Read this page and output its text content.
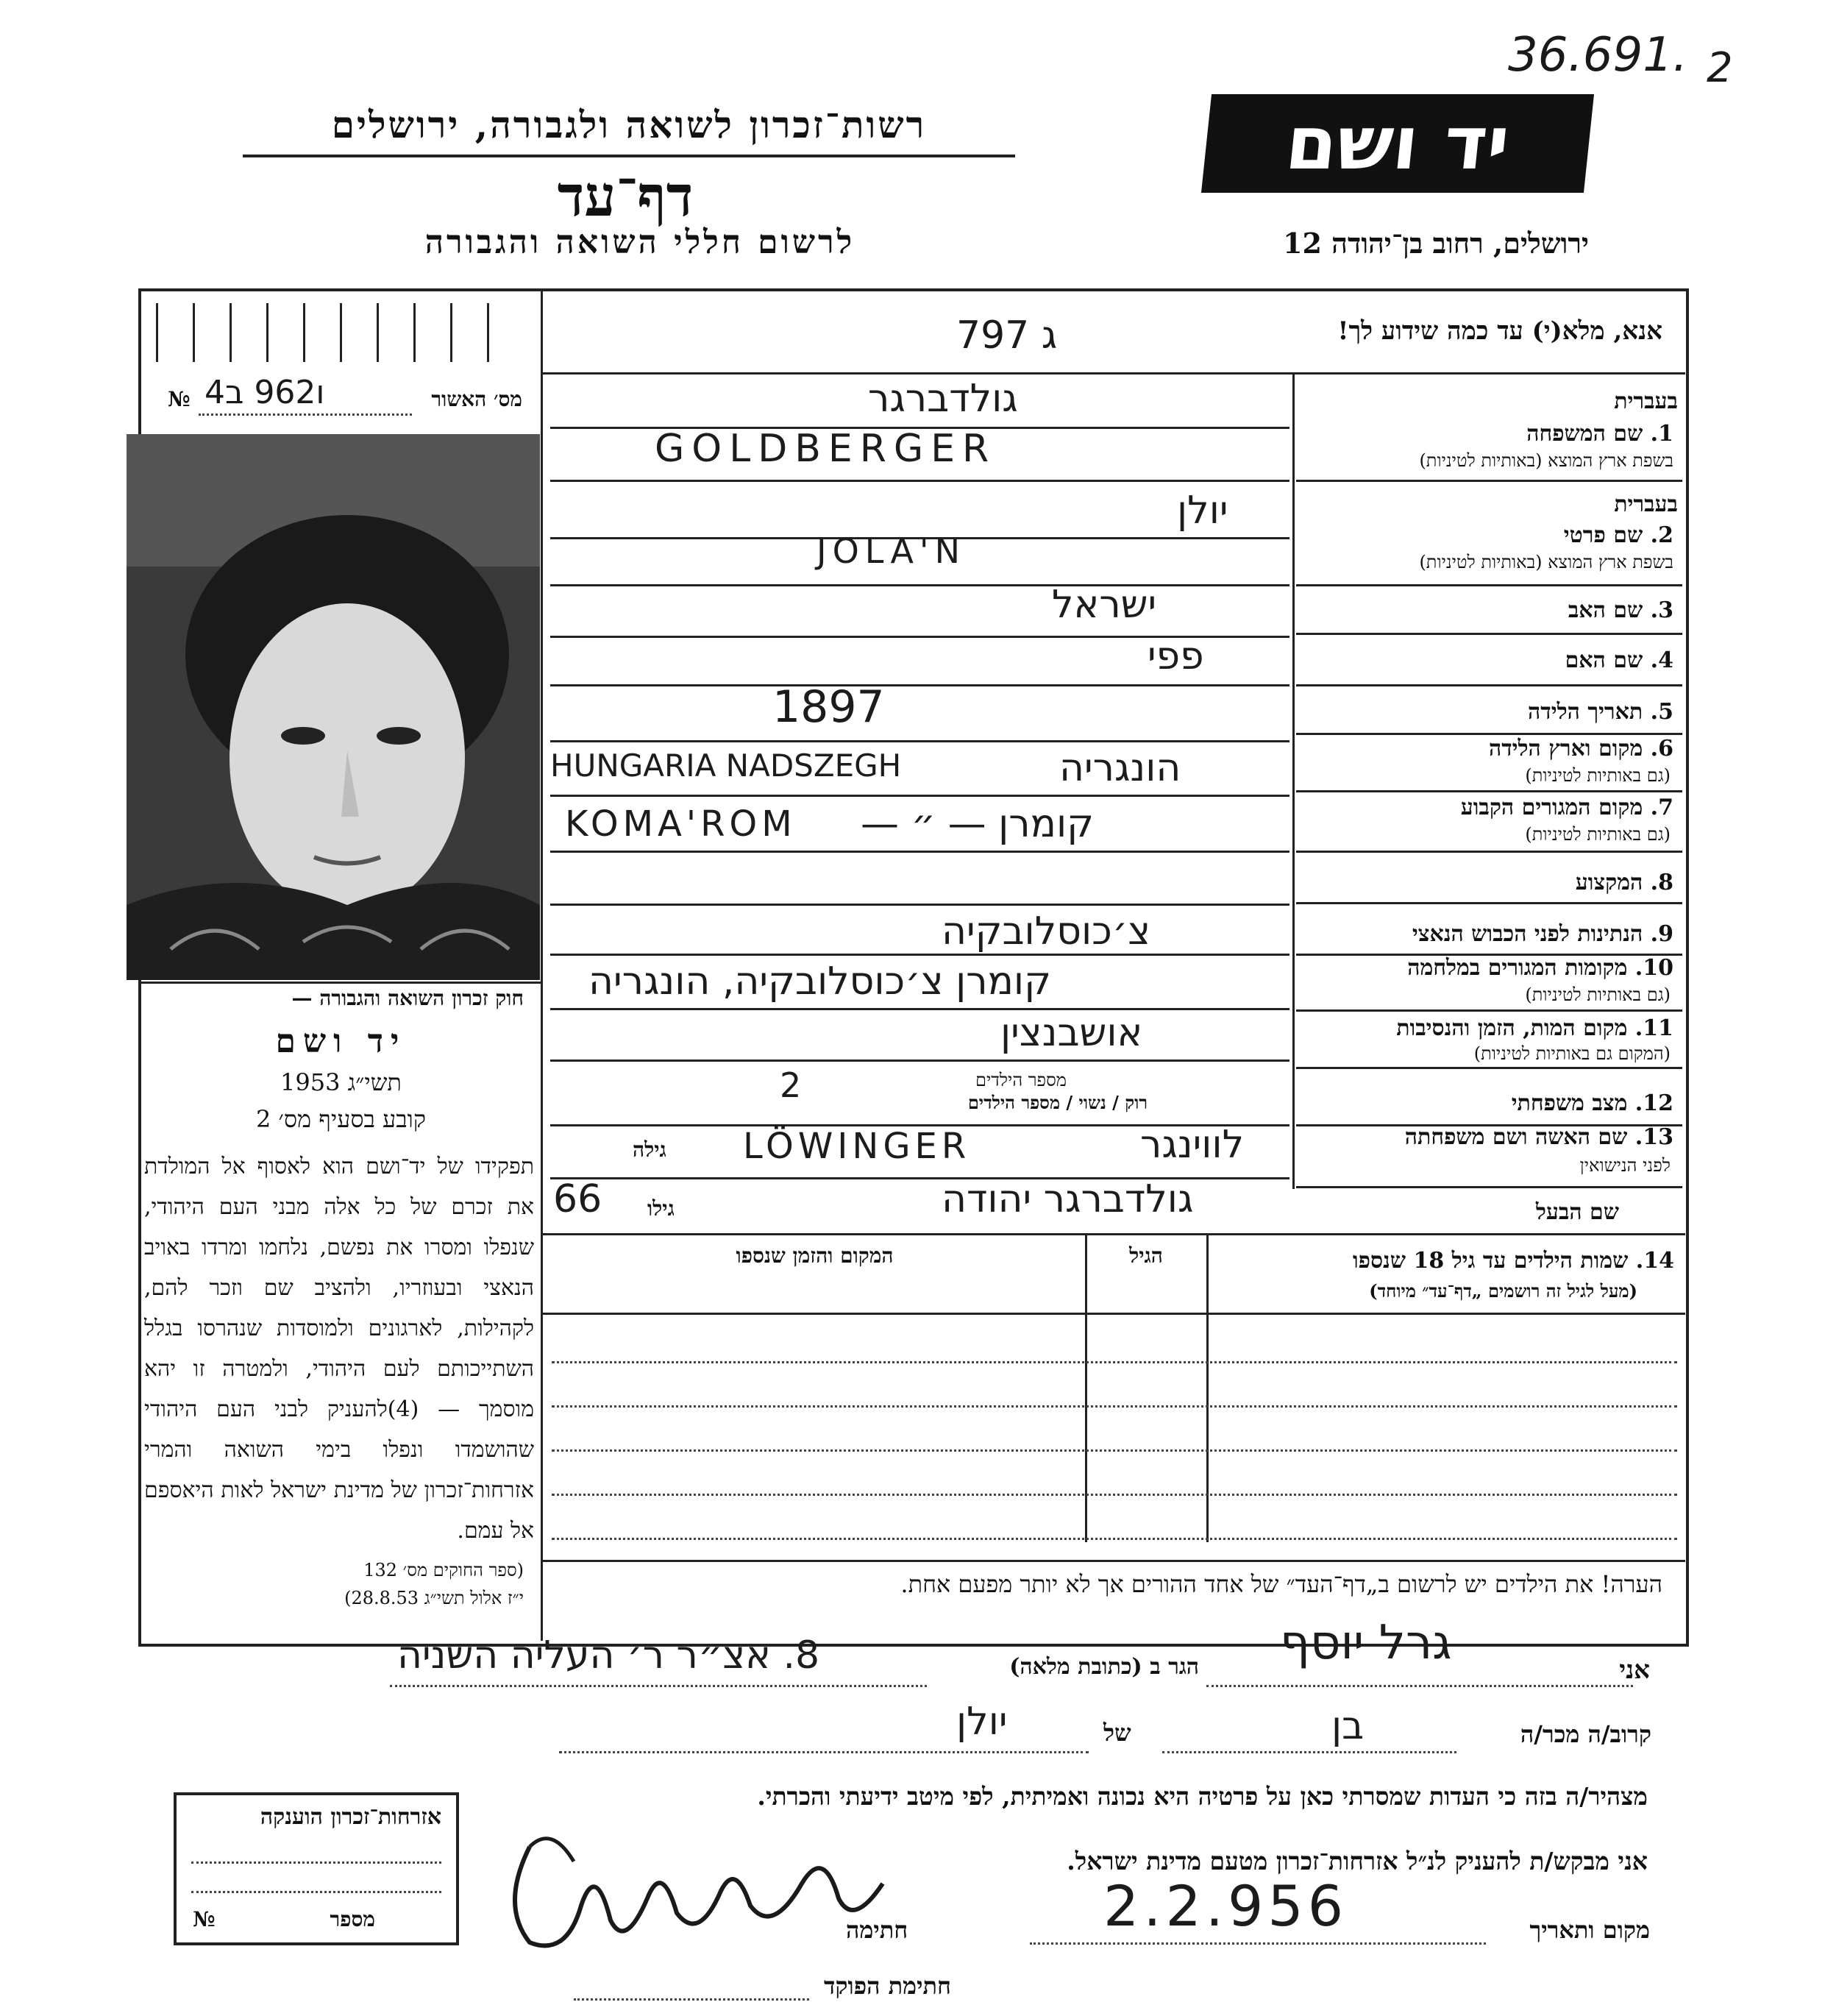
36.691. 2
רשות־זכרון לשואה ולגבורה, ירושלים
דף־עד
לרשום חללי השואה והגבורה
יד ושם
ירושלים, רחוב בן־יהודה 12
מס׳ האשור
№ 4ו962 ב
חוק זכרון השואה והגבורה —
יד ושם
תשי״ג 1953
קובע בסעיף מס׳ 2
תפקידו של יד־ושם הוא לאסוף אל המולדת את זכרם של כל אלה מבני העם היהודי, שנפלו ומסרו את נפשם, נלחמו ומרדו באויב הנאצי ובעוזריו, ולהציב שם וזכר להם, לקהילות, לארגונים ולמוסדות שנהרסו בגלל השתייכותם לעם היהודי, ולמטרה זו יהא מוסמך — (4)להעניק לבני העם היהודי שהושמדו ונפלו בימי השואה והמרי אזרחות־זכרון של מדינת ישראל לאות היאספם אל עמם.
(ספר החוקים מס׳ 132
י״ז אלול תשי״ג 28.8.53)
אנא, מלא(י) עד כמה שידוע לך!
797 ג
בעברית
1. שם המשפחה
בשפת ארץ המוצא (באותיות לטיניות)
גולדברגר
GOLDBERGER
בעברית
2. שם פרטי
בשפת ארץ המוצא (באותיות לטיניות)
יולן
JOLA'N
3. שם האב
ישראל
4. שם האם
פפי
5. תאריך הלידה
1897
6. מקום וארץ הלידה
(גם באותיות לטיניות)
HUNGARIA NADSZEGH	הונגריה
7. מקום המגורים הקבוע
(גם באותיות לטיניות)
KOMA'ROM קומרן — ״ —
8. המקצוע
9. הנתינות לפני הכבוש הנאצי
צ׳כוסלובקיה
10. מקומות המגורים במלחמה
(גם באותיות לטיניות)
קומרן צ׳כוסלובקיה, הונגריה
11. מקום המות, הזמן והנסיבות
(המקום גם באותיות לטיניות)
אושבנצין
12. מצב משפחתי
רוק / נשוי / מספר הילדים
מספר הילדים
2
13. שם האשה ושם משפחתה
לפני הנישואין
גילה LÖWINGER	לווינגר
שם הבעל
66 גילו	גולדברגר יהודה
14. שמות הילדים עד גיל 18 שנספו
(מעל לגיל זה רושמים „דף־עד״ מיוחד)
הגיל
המקום והזמן שנספו
הערה! את הילדים יש לרשום ב„דף־העד״ של אחד ההורים אך לא יותר מפעם אחת.
אני
גרל יוסף
הגר ב (כתובת מלאה)
8. אצ״ר ר׳ העליה השניה
קרוב/ה מכר/ה
בן
של
יולן
מצהיר/ה בזה כי העדות שמסרתי כאן על פרטיה היא נכונה ואמיתית, לפי מיטב ידיעתי והכרתי.
אני מבקש/ת להעניק לנ״ל אזרחות־זכרון מטעם מדינת ישראל.
מקום ותאריך
2.2.956
חתימה
חתימת הפוקד
אזרחות־זכרון הוענקה
מספר
№
